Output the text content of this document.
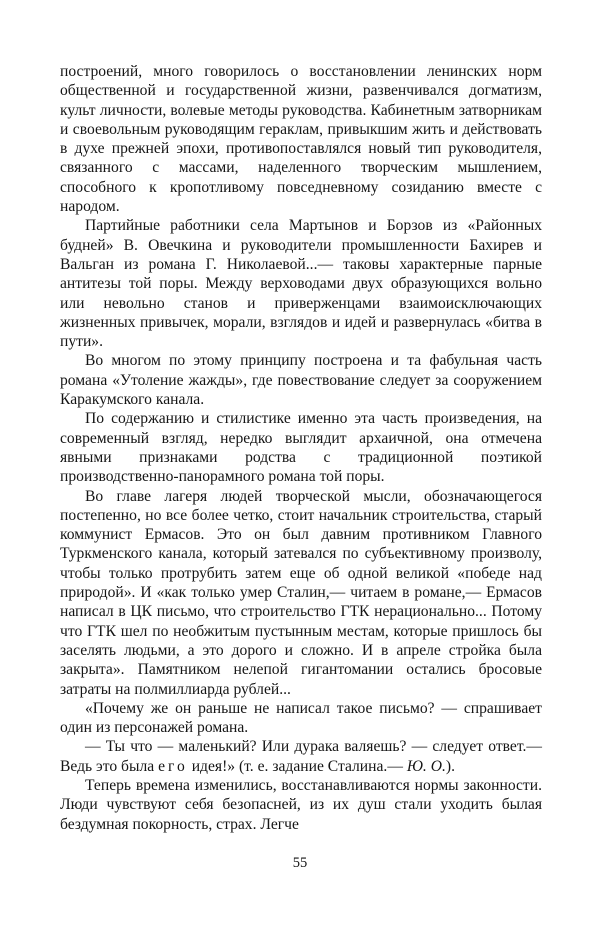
построений, много говорилось о восстановлении ленинских норм общественной и государственной жизни, развенчивался догматизм, культ личности, волевые методы руководства. Кабинетным затворникам и своевольным руководящим гераклам, привыкшим жить и действовать в духе прежней эпохи, противопоставлялся новый тип руководителя, связанного с массами, наделенного творческим мышлением, способного к кропотливому повседневному созиданию вместе с народом.

Партийные работники села Мартынов и Борзов из «Районных будней» В. Овечкина и руководители промышленности Бахирев и Вальган из романа Г. Николаевой...— таковы характерные парные антитезы той поры. Между верховодами двух образующихся вольно или невольно станов и приверженцами взаимоисключающих жизненных привычек, морали, взглядов и идей и развернулась «битва в пути».

Во многом по этому принципу построена и та фабульная часть романа «Утоление жажды», где повествование следует за сооружением Каракумского канала.

По содержанию и стилистике именно эта часть произведения, на современный взгляд, нередко выглядит архаичной, она отмечена явными признаками родства с традиционной поэтикой производственно-панорамного романа той поры.

Во главе лагеря людей творческой мысли, обозначающегося постепенно, но все более четко, стоит начальник строительства, старый коммунист Ермасов. Это он был давним противником Главного Туркменского канала, который затевался по субъективному произволу, чтобы только протрубить затем еще об одной великой «победе над природой». И «как только умер Сталин,— читаем в романе,— Ермасов написал в ЦК письмо, что строительство ГТК нерационально... Потому что ГТК шел по необжитым пустынным местам, которые пришлось бы заселять людьми, а это дорого и сложно. И в апреле стройка была закрыта». Памятником нелепой гигантомании остались бросовые затраты на полмиллиарда рублей...

«Почему же он раньше не написал такое письмо? — спрашивает один из персонажей романа.

— Ты что — маленький? Или дурака валяешь? — следует ответ.— Ведь это была его идея!» (т. е. задание Сталина.— Ю. О.).

Теперь времена изменились, восстанавливаются нормы законности. Люди чувствуют себя безопасней, из их душ стали уходить былая бездумная покорность, страх. Легче

55
